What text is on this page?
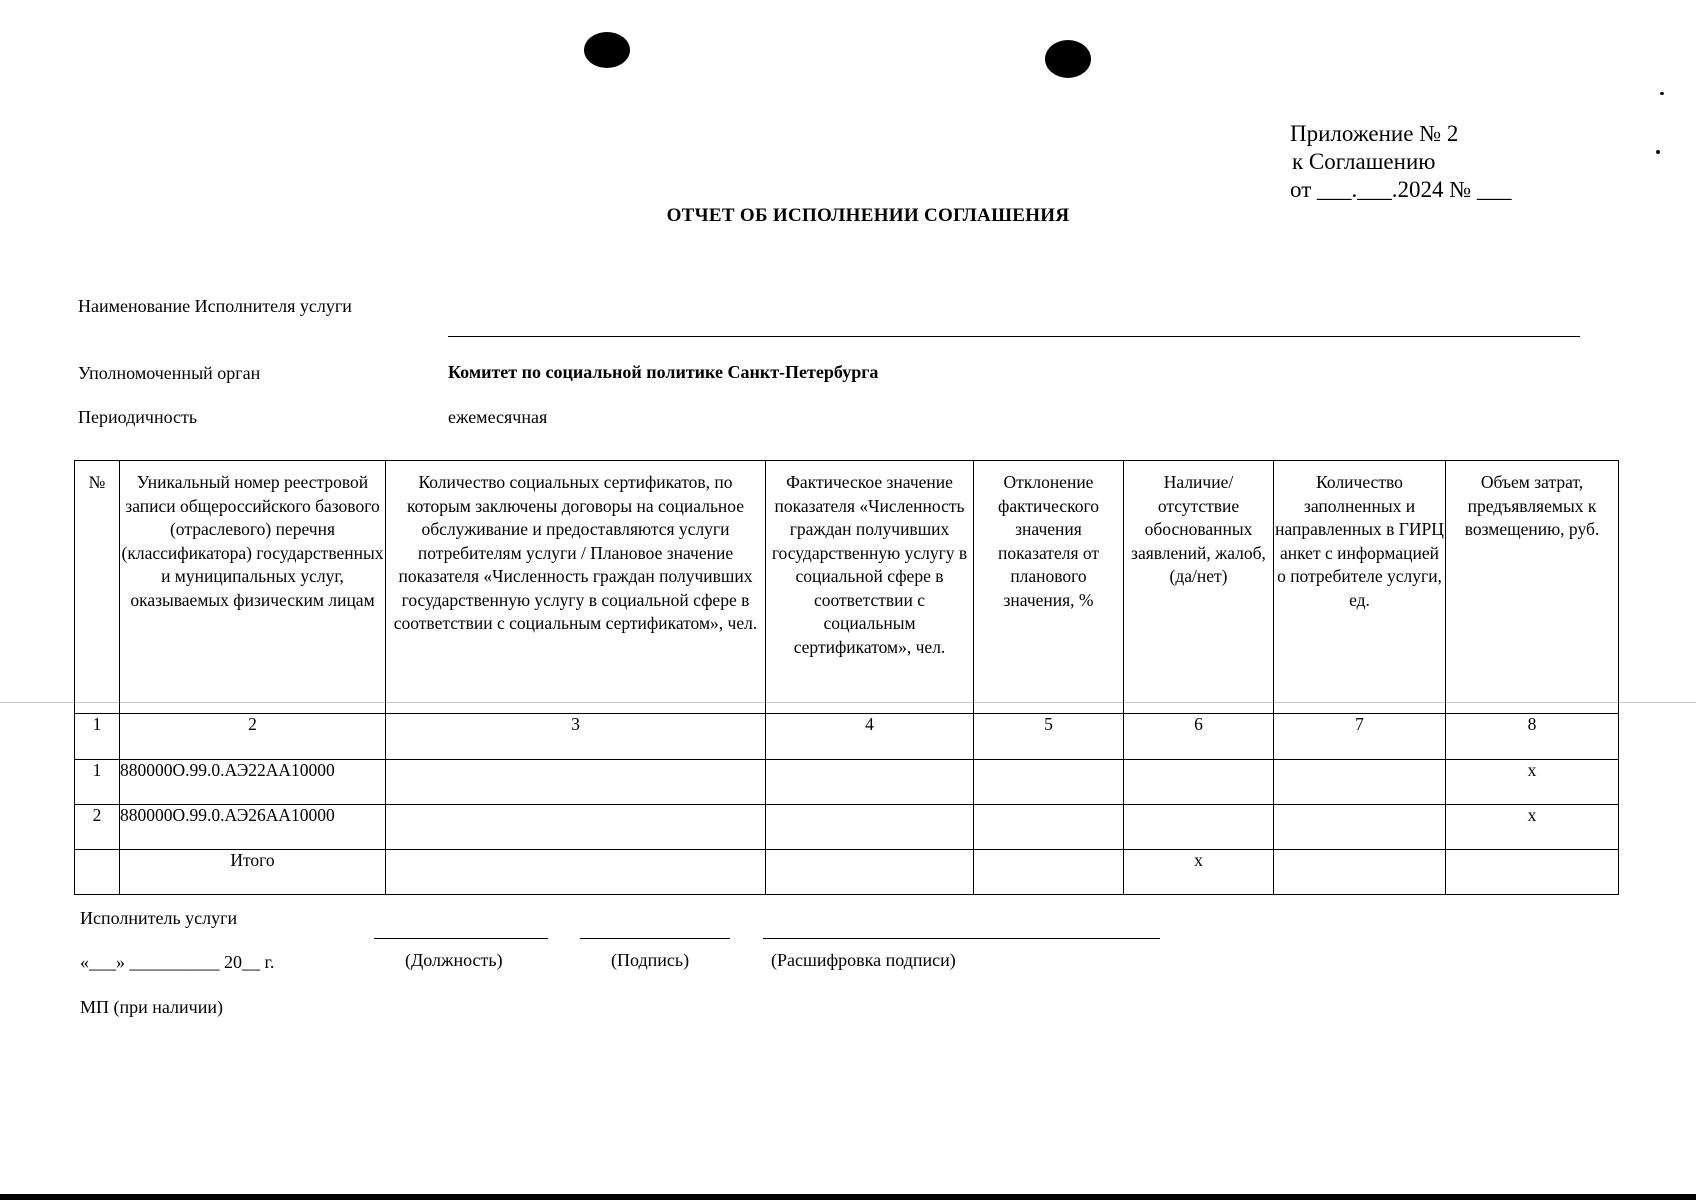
Приложение № 2
к Соглашению
от ___.___.2024 № ___
ОТЧЕТ ОБ ИСПОЛНЕНИИ СОГЛАШЕНИЯ
Наименование Исполнителя услуги
Уполномоченный орган	Комитет по социальной политике Санкт-Петербурга
Периодичность	ежемесячная
№	Уникальный номер реестровой записи общероссийского базового (отраслевого) перечня (классификатора) государственных и муниципальных услуг, оказываемых физическим лицам	Количество социальных сертификатов, по которым заключены договоры на социальное обслуживание и предоставляются услуги потребителям услуги / Плановое значение показателя «Численность граждан получивших государственную услугу в социальной сфере в соответствии с социальным сертификатом», чел.	Фактическое значение показателя «Численность граждан получивших государственную услугу в социальной сфере в соответствии с социальным сертификатом», чел.	Отклонение фактического значения показателя от планового значения, %	Наличие/ отсутствие обоснованных заявлений, жалоб, (да/нет)	Количество заполненных и направленных в ГИРЦ анкет с информацией о потребителе услуги, ед.	Объем затрат, предъявляемых к возмещению, руб.
1	2	3	4	5	6	7	8
1	880000О.99.0.АЭ22АА10000						x
2	880000О.99.0.АЭ26АА10000						x
	Итого				x		
Исполнитель услуги
«___» __________ 20__ г.	(Должность)	(Подпись)	(Расшифровка подписи)
МП (при наличии)
